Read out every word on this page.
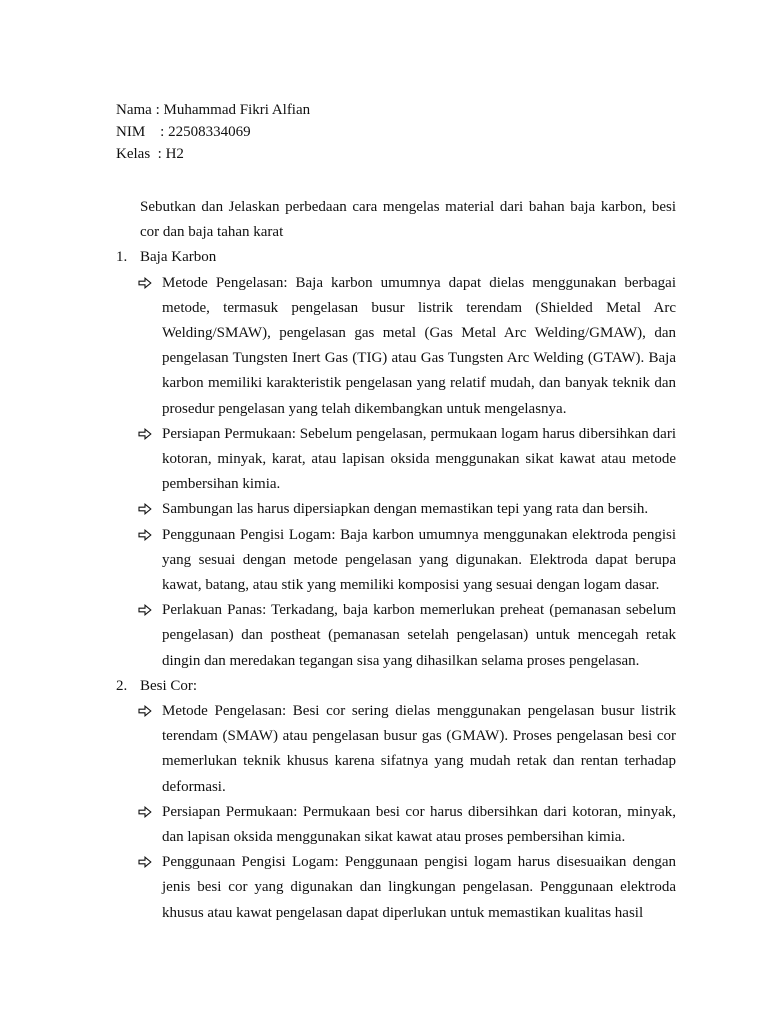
Nama : Muhammad Fikri Alfian
NIM    : 22508334069
Kelas  : H2

Sebutkan dan Jelaskan perbedaan cara mengelas material dari bahan baja karbon, besi cor dan baja tahan karat

1. Baja Karbon
Metode Pengelasan: Baja karbon umumnya dapat dielas menggunakan berbagai metode, termasuk pengelasan busur listrik terendam (Shielded Metal Arc Welding/SMAW), pengelasan gas metal (Gas Metal Arc Welding/GMAW), dan pengelasan Tungsten Inert Gas (TIG) atau Gas Tungsten Arc Welding (GTAW). Baja karbon memiliki karakteristik pengelasan yang relatif mudah, dan banyak teknik dan prosedur pengelasan yang telah dikembangkan untuk mengelasnya.
Persiapan Permukaan: Sebelum pengelasan, permukaan logam harus dibersihkan dari kotoran, minyak, karat, atau lapisan oksida menggunakan sikat kawat atau metode pembersihan kimia.
Sambungan las harus dipersiapkan dengan memastikan tepi yang rata dan bersih.
Penggunaan Pengisi Logam: Baja karbon umumnya menggunakan elektroda pengisi yang sesuai dengan metode pengelasan yang digunakan. Elektroda dapat berupa kawat, batang, atau stik yang memiliki komposisi yang sesuai dengan logam dasar.
Perlakuan Panas: Terkadang, baja karbon memerlukan preheat (pemanasan sebelum pengelasan) dan postheat (pemanasan setelah pengelasan) untuk mencegah retak dingin dan meredakan tegangan sisa yang dihasilkan selama proses pengelasan.
2. Besi Cor:
Metode Pengelasan: Besi cor sering dielas menggunakan pengelasan busur listrik terendam (SMAW) atau pengelasan busur gas (GMAW). Proses pengelasan besi cor memerlukan teknik khusus karena sifatnya yang mudah retak dan rentan terhadap deformasi.
Persiapan Permukaan: Permukaan besi cor harus dibersihkan dari kotoran, minyak, dan lapisan oksida menggunakan sikat kawat atau proses pembersihan kimia.
Penggunaan Pengisi Logam: Penggunaan pengisi logam harus disesuaikan dengan jenis besi cor yang digunakan dan lingkungan pengelasan. Penggunaan elektroda khusus atau kawat pengelasan dapat diperlukan untuk memastikan kualitas hasil
